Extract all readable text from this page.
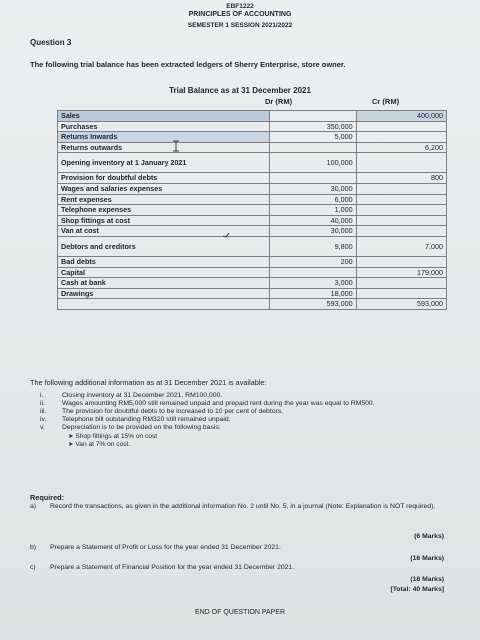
EBF1222
PRINCIPLES OF ACCOUNTING
SEMESTER 1 SESSION 2021/2022
Question 3
The following trial balance has been extracted ledgers of Sherry Enterprise, store owner.
Trial Balance as at 31 December 2021
Dr (RM)	Cr (RM)
Sales		400,000
Purchases	350,000	
Returns Inwards	5,000	
Returns outwards		6,200
Opening inventory at 1 January 2021	100,000	
Provision for doubtful debts		800
Wages and salaries expenses	30,000	
Rent expenses	6,000	
Telephone expenses	1,000	
Shop fittings at cost	40,000	
Van at cost	30,000	
Debtors and creditors	9,800	7,000
Bad debts	200	
Capital		179,000
Cash at bank	3,000	
Drawings	18,000	
	593,000	593,000
The following additional information as at 31 December 2021 is available:
i.	Closing inventory at 31 December 2021, RM100,000.
ii.	Wages amounting RM5,000 still remained unpaid and prepaid rent during the year was equal to RM500.
iii.	The provision for doubtful debts to be increased to 10 per cent of debtors.
iv.	Telephone bill outstanding RM320 still remained unpaid.
v.	Depreciation is to be provided on the following basis:
➤ Shop fittings at 15% on cost
➤ Van at 7% on cost.
Required:
a)	Record the transactions, as given in the additional information No. 2 until No. 5, in a journal (Note: Explanation is NOT required).
(6 Marks)
b)	Prepare a Statement of Profit or Loss for the year ended 31 December 2021.
(16 Marks)
c)	Prepare a Statement of Financial Position for the year ended 31 December 2021.
(18 Marks)
[Total: 40 Marks]
END OF QUESTION PAPER
